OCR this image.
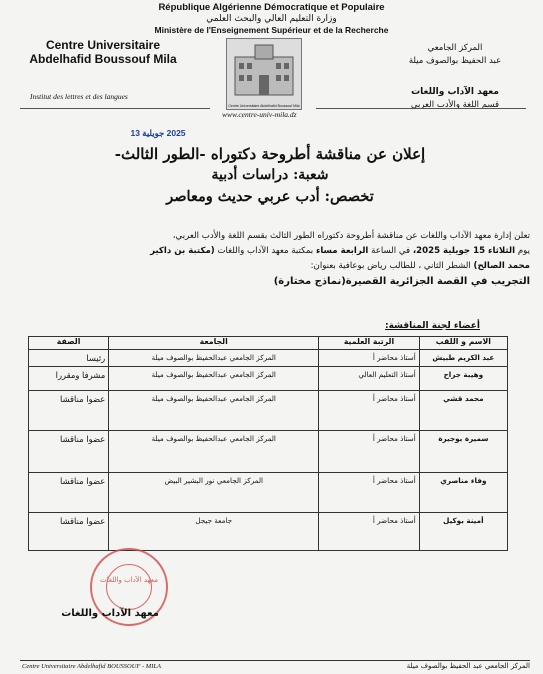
République Algérienne Démocratique et Populaire
وزارة التعليم العالي والبحث العلمي
Ministère de l'Enseignement Supérieur et de la Recherche
Centre Universitaire
Abdelhafid Boussouf Mila
المركز الجامعي
عبد الحفيظ بوالصوف ميلة
Centre Universitaire Abdelhafid Boussouf Mila
www.centre-univ-mila.dz
Institut des lettres et des langues	معهد الآداب واللغات
قسم اللغة والأدب العربي
2025 جويلية 13
إعلان عن مناقشة أطروحة دكتوراه -الطور الثالث-
شعبة: دراسات أدبية
تخصص: أدب عربي حديث ومعاصر
تعلن إدارة معهد الآداب واللغات عن مناقشة أطروحة دكتوراه الطور الثالث بقسم اللغة والأدب العربي،
يوم الثلاثاء 15 جويلية 2025، في الساعة الرابعة مساء بمكتبة معهد الآداب واللغات (مكتبة بن داكير
محمد الصالح) الشطر الثاني ، للطالب رياض بوعافية بعنوان:
التجريب في القصة الجزائرية القصيرة(نماذج مختارة)
أعضاء لجنة المناقشة:
الاسم و اللقب	الرتبة العلمية	الجامعة	الصفة
عبد الكريم طبيش	أستاذ محاضر أ	المركز الجامعي عبدالحفيظ بوالصوف ميلة	رئيسا
وهيبة جراح	أستاذ التعليم العالي	المركز الجامعي عبدالحفيظ بوالصوف ميلة	مشرفا ومقررا
محمد قشي	أستاذ محاضر أ	المركز الجامعي عبدالحفيظ بوالصوف ميلة	عضوا مناقشا
سميرة بوجيرة	أستاذ محاضر أ	المركز الجامعي عبدالحفيظ بوالصوف ميلة	عضوا مناقشا
وفاء مناصري	أستاذ محاضر أ	المركز الجامعي نور البشير البيض	عضوا مناقشا
أمينة بوكيل	أستاذ محاضر أ	جامعة جيجل	عضوا مناقشا
معهد الآداب واللغات
معهد الآداب واللغات
Centre Universitaire Abdelhafid BOUSSOUF - MILA	المركز الجامعي عبد الحفيظ بوالصوف ميلة
